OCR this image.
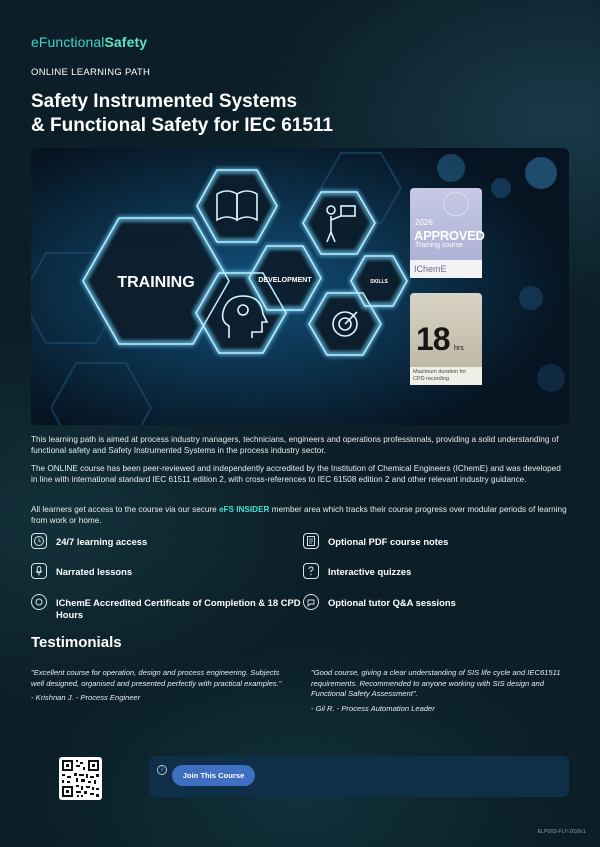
eFunctionalSafety
ONLINE LEARNING PATH
Safety Instrumented Systems
& Functional Safety for IEC 61511
TRAINING	DEVELOPMENT	SKILLS
2026
APPROVED
Training course
IChemE
18 hrs
Maximum duration for CPD recording
This learning path is aimed at process industry managers, technicians, engineers and operations professionals, providing a solid understanding of functional safety and Safety Instrumented Systems in the process industry sector.
The ONLINE course has been peer-reviewed and independently accredited by the Institution of Chemical Engineers (IChemE) and was developed in line with international standard IEC 61511 edition 2, with cross-references to IEC 61508 edition 2 and other relevant industry guidance.
All learners get access to the course via our secure eFS INSIDER member area which tracks their course progress over modular periods of learning from work or home.
24/7 learning access	Optional PDF course notes
Narrated lessons	Interactive quizzes
IChemE Accredited Certificate of Completion & 18 CPD Hours
Optional tutor Q&A sessions
Testimonials
"Excellent course for operation, design and process engineering. Subjects well designed, organised and presented perfectly with practical examples."
- Krishnan J. - Process Engineer
"Good course, giving a clear understanding of SIS life cycle and IEC61511 requirements. Recommended to anyone working with SIS design and Functional Safety Assessment".
- Gil R. - Process Automation Leader
i
Join This Course
ELP003-FLY-2026r1
